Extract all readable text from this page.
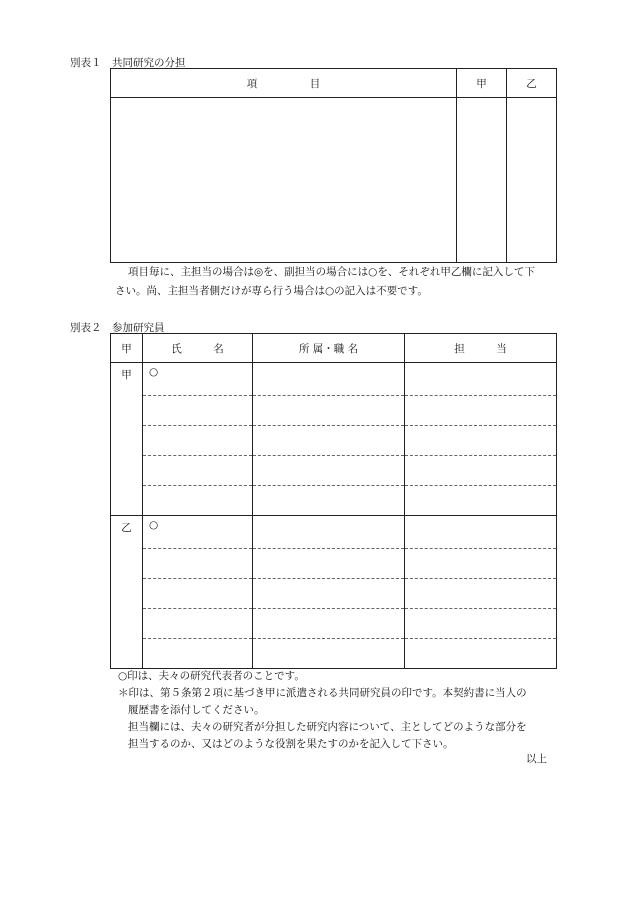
別表１　共同研究の分担
項　　　　　目	甲	乙

項目毎に、主担当の場合は◎を、副担当の場合には○を、それぞれ甲乙欄に記入して下
さい。尚、主担当者側だけが専ら行う場合は○の記入は不要です。
別表２　参加研究員
甲	氏　　　名	所 属・職 名	担　　　当
甲	○		

乙	○		

○印は、夫々の研究代表者のことです。
＊印は、第５条第２項に基づき甲に派遣される共同研究員の印です。本契約書に当人の
履歴書を添付してください。
担当欄には、夫々の研究者が分担した研究内容について、主としてどのような部分を
担当するのか、又はどのような役割を果たすのかを記入して下さい。
以上
